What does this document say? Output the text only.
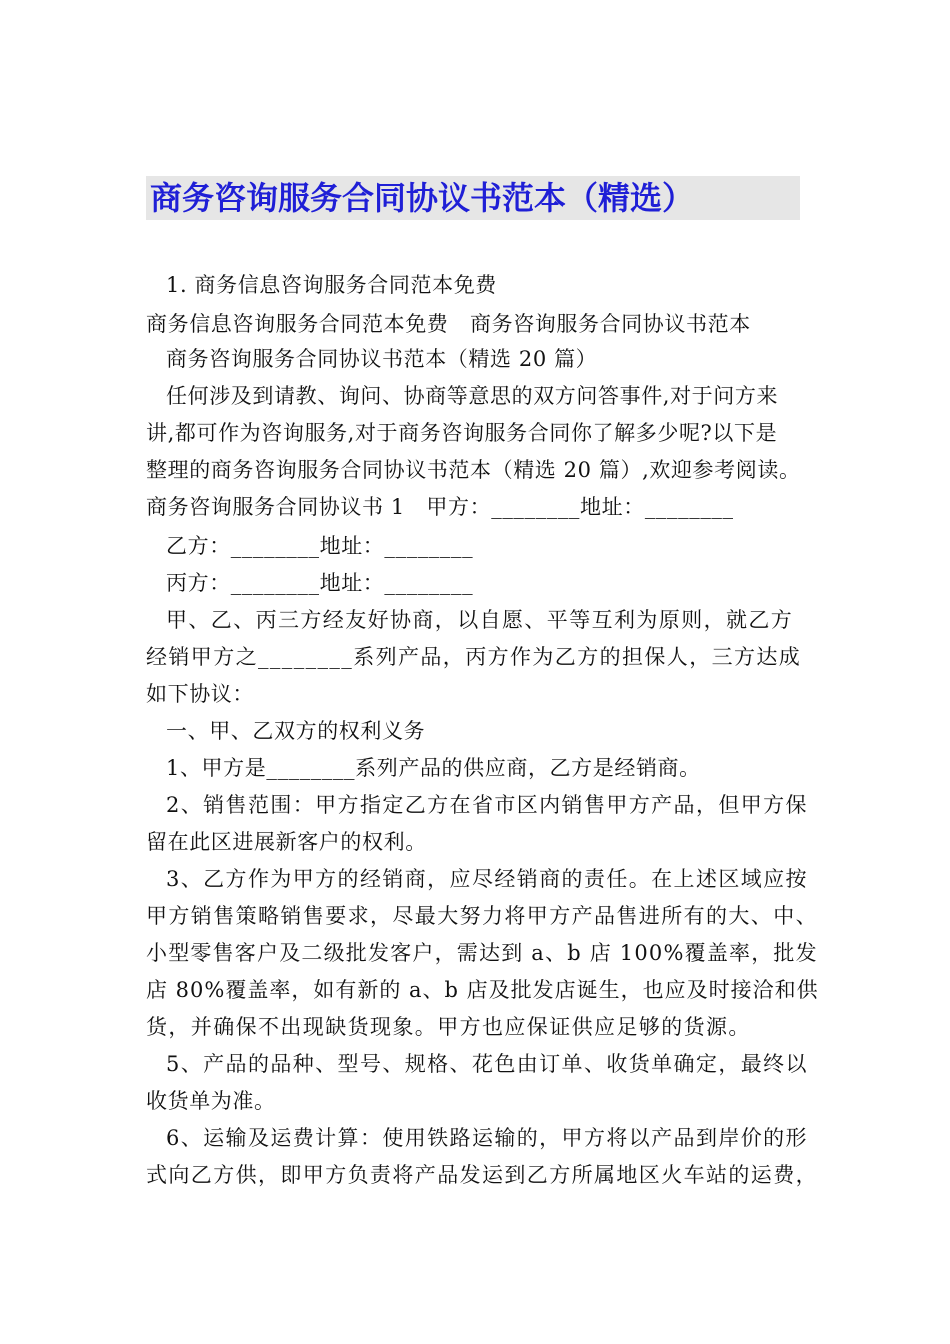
商务咨询服务合同协议书范本（精选）
1. 商务信息咨询服务合同范本免费
商务信息咨询服务合同范本免费　商务咨询服务合同协议书范本
商务咨询服务合同协议书范本（精选 20 篇）
任何涉及到请教、询问、协商等意思的双方问答事件,对于问方来
讲,都可作为咨询服务,对于商务咨询服务合同你了解多少呢?以下是
整理的商务咨询服务合同协议书范本（精选 20 篇）,欢迎参考阅读。
商务咨询服务合同协议书 1　甲方：________地址：________
乙方：________地址：________
丙方：________地址：________
甲、乙、丙三方经友好协商，以自愿、平等互利为原则，就乙方
经销甲方之________系列产品，丙方作为乙方的担保人，三方达成
如下协议：
一、甲、乙双方的权利义务
1、甲方是________系列产品的供应商，乙方是经销商。
2、销售范围：甲方指定乙方在省市区内销售甲方产品，但甲方保
留在此区进展新客户的权利。
3、乙方作为甲方的经销商，应尽经销商的责任。在上述区域应按
甲方销售策略销售要求，尽最大努力将甲方产品售进所有的大、中、
小型零售客户及二级批发客户，需达到 a、b 店 100%覆盖率，批发
店 80%覆盖率，如有新的 a、b 店及批发店诞生，也应及时接洽和供
货，并确保不出现缺货现象。甲方也应保证供应足够的货源。
5、产品的品种、型号、规格、花色由订单、收货单确定，最终以
收货单为准。
6、运输及运费计算：使用铁路运输的，甲方将以产品到岸价的形
式向乙方供，即甲方负责将产品发运到乙方所属地区火车站的运费，
